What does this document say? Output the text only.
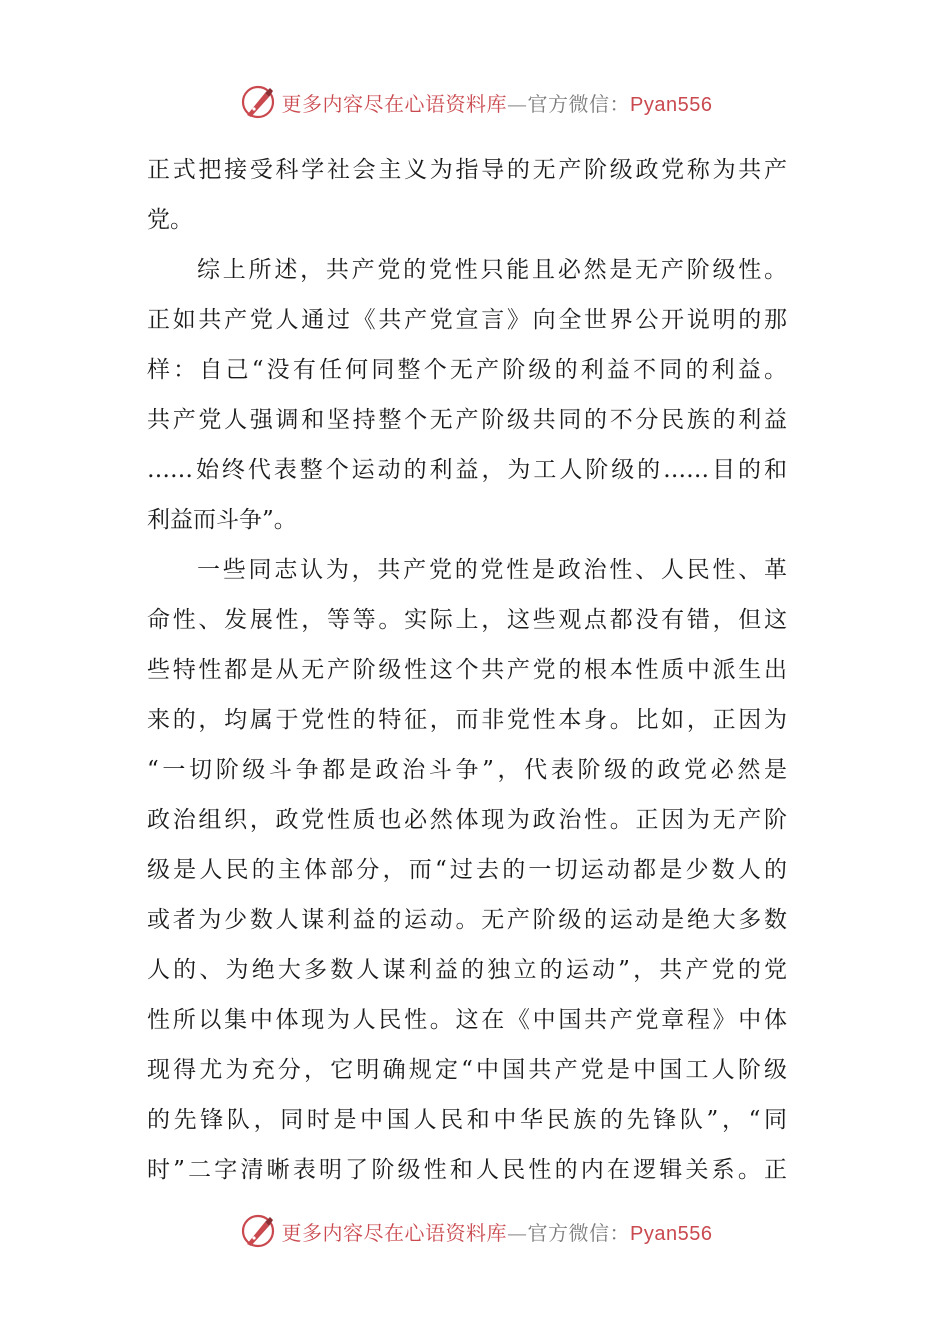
更多内容尽在心语资料库—官方微信：Pyan556
正式把接受科学社会主义为指导的无产阶级政党称为共产
党。
综上所述，共产党的党性只能且必然是无产阶级性。
正如共产党人通过《共产党宣言》向全世界公开说明的那
样：自己“没有任何同整个无产阶级的利益不同的利益。
共产党人强调和坚持整个无产阶级共同的不分民族的利益
……始终代表整个运动的利益，为工人阶级的……目的和
利益而斗争”。
一些同志认为，共产党的党性是政治性、人民性、革
命性、发展性，等等。实际上，这些观点都没有错，但这
些特性都是从无产阶级性这个共产党的根本性质中派生出
来的，均属于党性的特征，而非党性本身。比如，正因为
“一切阶级斗争都是政治斗争”，代表阶级的政党必然是
政治组织，政党性质也必然体现为政治性。正因为无产阶
级是人民的主体部分，而“过去的一切运动都是少数人的
或者为少数人谋利益的运动。无产阶级的运动是绝大多数
人的、为绝大多数人谋利益的独立的运动”，共产党的党
性所以集中体现为人民性。这在《中国共产党章程》中体
现得尤为充分，它明确规定“中国共产党是中国工人阶级
的先锋队，同时是中国人民和中华民族的先锋队”，“同
时”二字清晰表明了阶级性和人民性的内在逻辑关系。正
更多内容尽在心语资料库—官方微信：Pyan556
